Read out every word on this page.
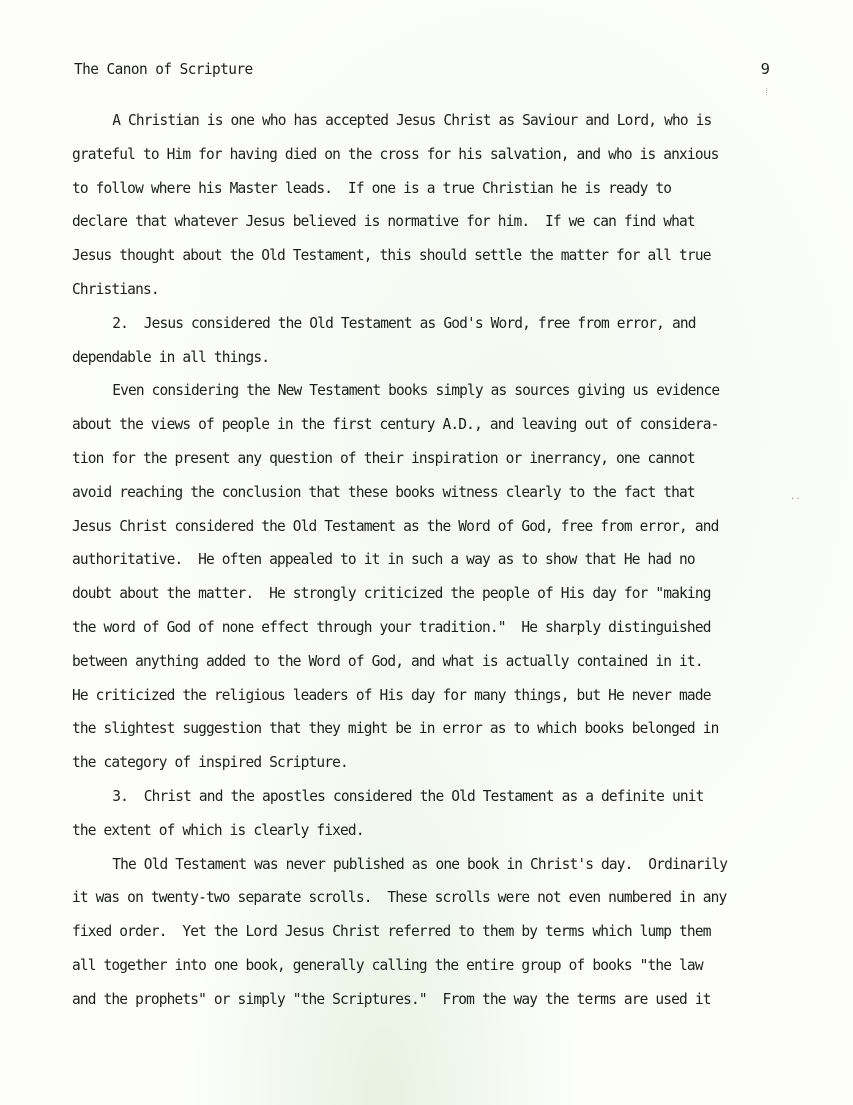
The Canon of Scripture	9
A Christian is one who has accepted Jesus Christ as Saviour and Lord, who is
grateful to Him for having died on the cross for his salvation, and who is anxious
to follow where his Master leads.  If one is a true Christian he is ready to
declare that whatever Jesus believed is normative for him.  If we can find what
Jesus thought about the Old Testament, this should settle the matter for all true
Christians.
2.  Jesus considered the Old Testament as God's Word, free from error, and
dependable in all things.
Even considering the New Testament books simply as sources giving us evidence
about the views of people in the first century A.D., and leaving out of considera-
tion for the present any question of their inspiration or inerrancy, one cannot
avoid reaching the conclusion that these books witness clearly to the fact that
Jesus Christ considered the Old Testament as the Word of God, free from error, and
authoritative.  He often appealed to it in such a way as to show that He had no
doubt about the matter.  He strongly criticized the people of His day for "making
the word of God of none effect through your tradition."  He sharply distinguished
between anything added to the Word of God, and what is actually contained in it.
He criticized the religious leaders of His day for many things, but He never made
the slightest suggestion that they might be in error as to which books belonged in
the category of inspired Scripture.
3.  Christ and the apostles considered the Old Testament as a definite unit
the extent of which is clearly fixed.
The Old Testament was never published as one book in Christ's day.  Ordinarily
it was on twenty-two separate scrolls.  These scrolls were not even numbered in any
fixed order.  Yet the Lord Jesus Christ referred to them by terms which lump them
all together into one book, generally calling the entire group of books "the law
and the prophets" or simply "the Scriptures."  From the way the terms are used it
..
⁞
